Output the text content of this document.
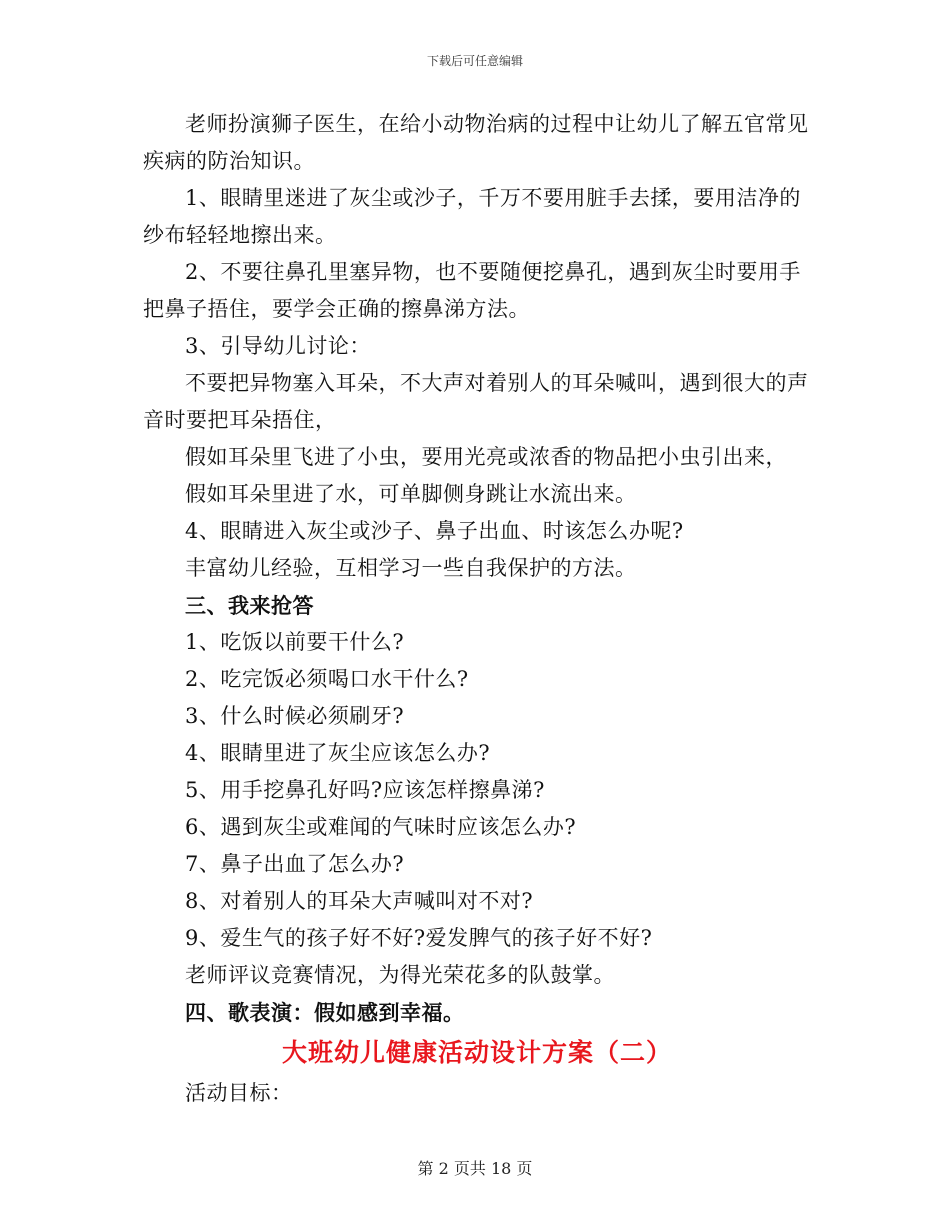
下载后可任意编辑

老师扮演狮子医生，在给小动物治病的过程中让幼儿了解五官常见疾病的防治知识。

1、眼睛里迷进了灰尘或沙子，千万不要用脏手去揉，要用洁净的纱布轻轻地擦出来。

2、不要往鼻孔里塞异物，也不要随便挖鼻孔，遇到灰尘时要用手把鼻子捂住，要学会正确的擦鼻涕方法。

3、引导幼儿讨论：

不要把异物塞入耳朵，不大声对着别人的耳朵喊叫，遇到很大的声音时要把耳朵捂住，

假如耳朵里飞进了小虫，要用光亮或浓香的物品把小虫引出来，

假如耳朵里进了水，可单脚侧身跳让水流出来。

4、眼睛进入灰尘或沙子、鼻子出血、时该怎么办呢?

丰富幼儿经验，互相学习一些自我保护的方法。

三、我来抢答

1、吃饭以前要干什么?

2、吃完饭必须喝口水干什么?

3、什么时候必须刷牙?

4、眼睛里进了灰尘应该怎么办?

5、用手挖鼻孔好吗?应该怎样擦鼻涕?

6、遇到灰尘或难闻的气味时应该怎么办?

7、鼻子出血了怎么办?

8、对着别人的耳朵大声喊叫对不对?

9、爱生气的孩子好不好?爱发脾气的孩子好不好?

老师评议竞赛情况，为得光荣花多的队鼓掌。

四、歌表演：假如感到幸福。

大班幼儿健康活动设计方案（二）

活动目标：

第 2 页共 18 页
